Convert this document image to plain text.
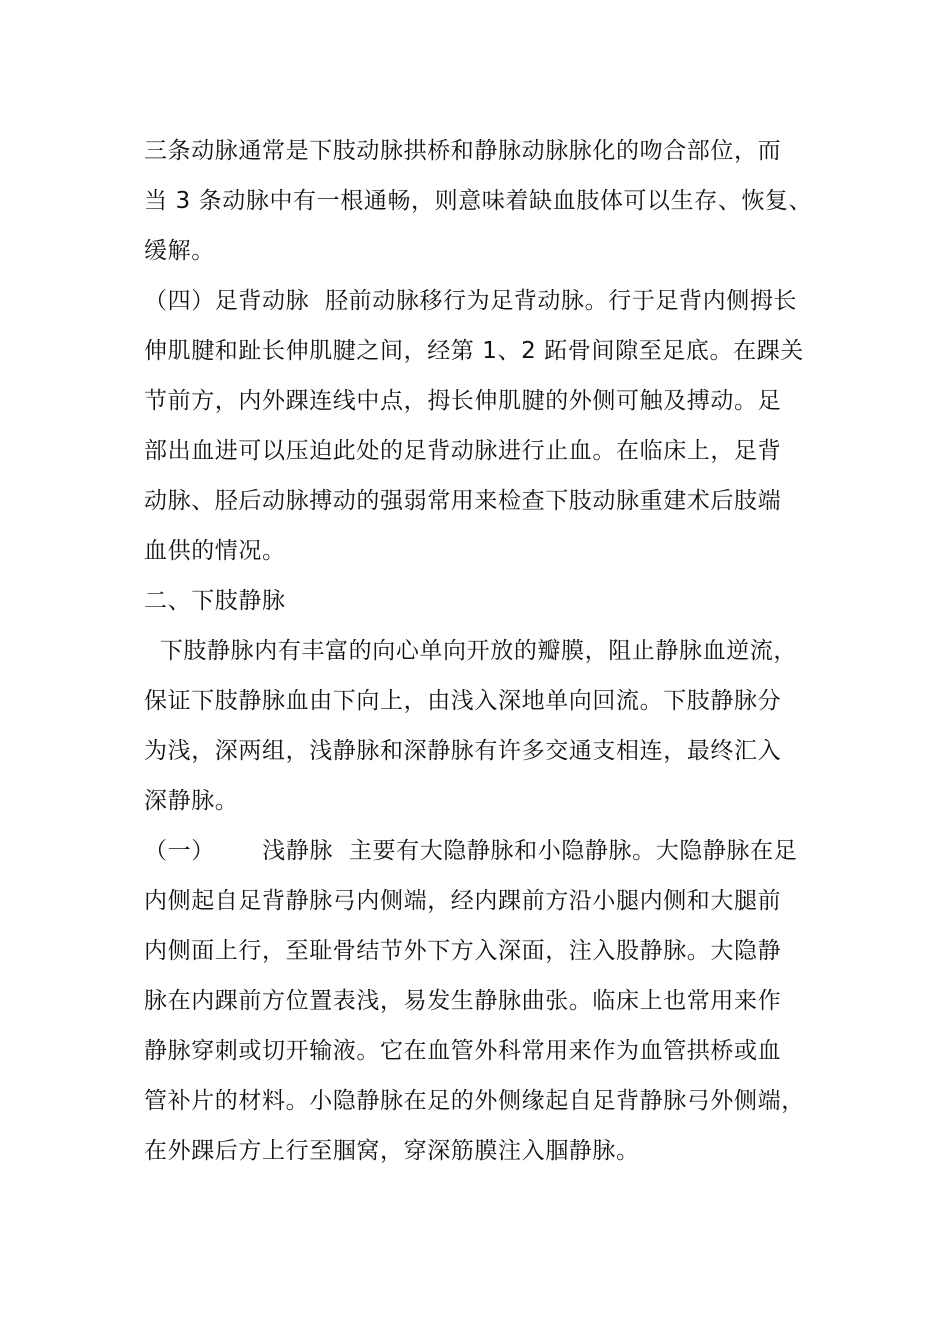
三条动脉通常是下肢动脉拱桥和静脉动脉脉化的吻合部位，而
当 3 条动脉中有一根通畅，则意味着缺血肢体可以生存、恢复、
缓解。
（四）足背动脉  胫前动脉移行为足背动脉。行于足背内侧拇长
伸肌腱和趾长伸肌腱之间，经第 1、2 跖骨间隙至足底。在踝关
节前方，内外踝连线中点，拇长伸肌腱的外侧可触及搏动。足
部出血进可以压迫此处的足背动脉进行止血。在临床上，足背
动脉、胫后动脉搏动的强弱常用来检查下肢动脉重建术后肢端
血供的情况。
二、下肢静脉
下肢静脉内有丰富的向心单向开放的瓣膜，阻止静脉血逆流，
保证下肢静脉血由下向上，由浅入深地单向回流。下肢静脉分
为浅，深两组，浅静脉和深静脉有许多交通支相连，最终汇入
深静脉。
（一）      浅静脉  主要有大隐静脉和小隐静脉。大隐静脉在足
内侧起自足背静脉弓内侧端，经内踝前方沿小腿内侧和大腿前
内侧面上行，至耻骨结节外下方入深面，注入股静脉。大隐静
脉在内踝前方位置表浅，易发生静脉曲张。临床上也常用来作
静脉穿刺或切开输液。它在血管外科常用来作为血管拱桥或血
管补片的材料。小隐静脉在足的外侧缘起自足背静脉弓外侧端，
在外踝后方上行至腘窝，穿深筋膜注入腘静脉。
